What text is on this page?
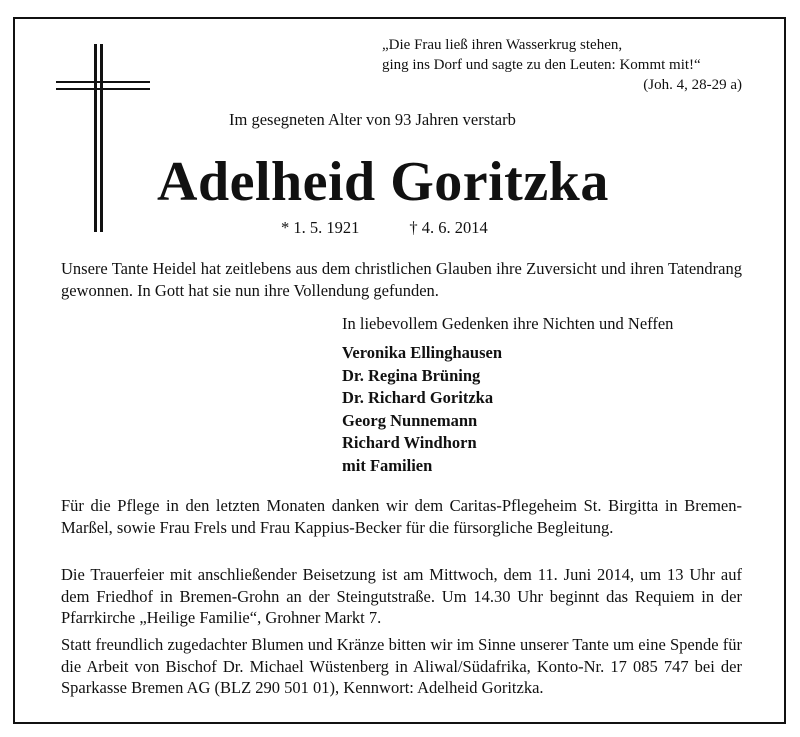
„Die Frau ließ ihren Wasserkrug stehen,
ging ins Dorf und sagte zu den Leuten: Kommt mit!“
(Joh. 4, 28-29 a)
Im gesegneten Alter von 93 Jahren verstarb
Adelheid Goritzka
* 1. 5. 1921	† 4. 6. 2014
Unsere Tante Heidel hat zeitlebens aus dem christlichen Glauben ihre Zuversicht und ihren Tatendrang gewonnen. In Gott hat sie nun ihre Vollendung gefunden.
In liebevollem Gedenken ihre Nichten und Neffen
Veronika Ellinghausen
Dr. Regina Brüning
Dr. Richard Goritzka
Georg Nunnemann
Richard Windhorn
mit Familien
Für die Pflege in den letzten Monaten danken wir dem Caritas-Pflegeheim St. Birgitta in Bremen-Marßel, sowie Frau Frels und Frau Kappius-Becker für die fürsorgliche Begleitung.
Die Trauerfeier mit anschließender Beisetzung ist am Mittwoch, dem 11. Juni 2014, um 13 Uhr auf dem Friedhof in Bremen-Grohn an der Steingutstraße. Um 14.30 Uhr beginnt das Requiem in der Pfarrkirche „Heilige Familie“, Grohner Markt 7.
Statt freundlich zugedachter Blumen und Kränze bitten wir im Sinne unserer Tante um eine Spende für die Arbeit von Bischof Dr. Michael Wüstenberg in Aliwal/Südafrika, Konto-Nr. 17 085 747 bei der Sparkasse Bremen AG (BLZ 290 501 01), Kennwort: Adelheid Goritzka.
